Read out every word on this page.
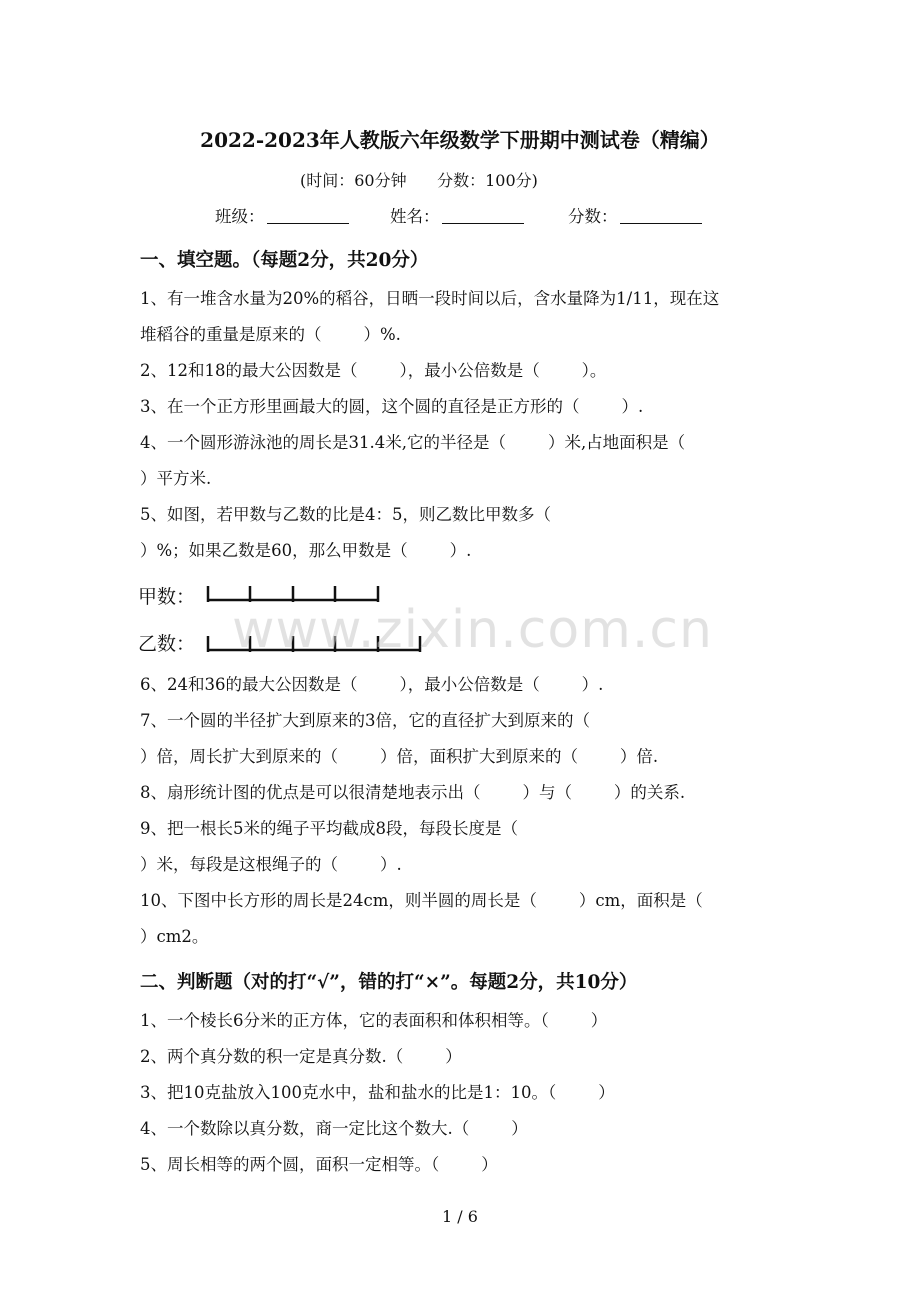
2022-2023年人教版六年级数学下册期中测试卷（精编）
(时间：60分钟      分数：100分)
班级：	姓名：	分数：
一、填空题。（每题2分，共20分）
1、有一堆含水量为20%的稻谷，日晒一段时间以后，含水量降为1/11，现在这
堆稻谷的重量是原来的（        ）%.
2、12和18的最大公因数是（        ），最小公倍数是（        ）。
3、在一个正方形里画最大的圆，这个圆的直径是正方形的（        ）.
4、一个圆形游泳池的周长是31.4米,它的半径是（        ）米,占地面积是（
）平方米.
5、如图，若甲数与乙数的比是4：5，则乙数比甲数多（
）%；如果乙数是60，那么甲数是（        ）.
甲数：
乙数： www.zixin.com.cn
6、24和36的最大公因数是（        ），最小公倍数是（        ）.
7、一个圆的半径扩大到原来的3倍，它的直径扩大到原来的（
）倍，周长扩大到原来的（        ）倍，面积扩大到原来的（        ）倍.
8、扇形统计图的优点是可以很清楚地表示出（        ）与（        ）的关系.
9、把一根长5米的绳子平均截成8段，每段长度是（
）米，每段是这根绳子的（        ）.
10、下图中长方形的周长是24cm，则半圆的周长是（        ）cm，面积是（
）cm2。
二、判断题（对的打“√”，错的打“×”。每题2分，共10分）
1、一个棱长6分米的正方体，它的表面积和体积相等。（        ）
2、两个真分数的积一定是真分数.（        ）
3、把10克盐放入100克水中，盐和盐水的比是1：10。（        ）
4、一个数除以真分数，商一定比这个数大.（        ）
5、周长相等的两个圆，面积一定相等。（        ）
1 / 6
